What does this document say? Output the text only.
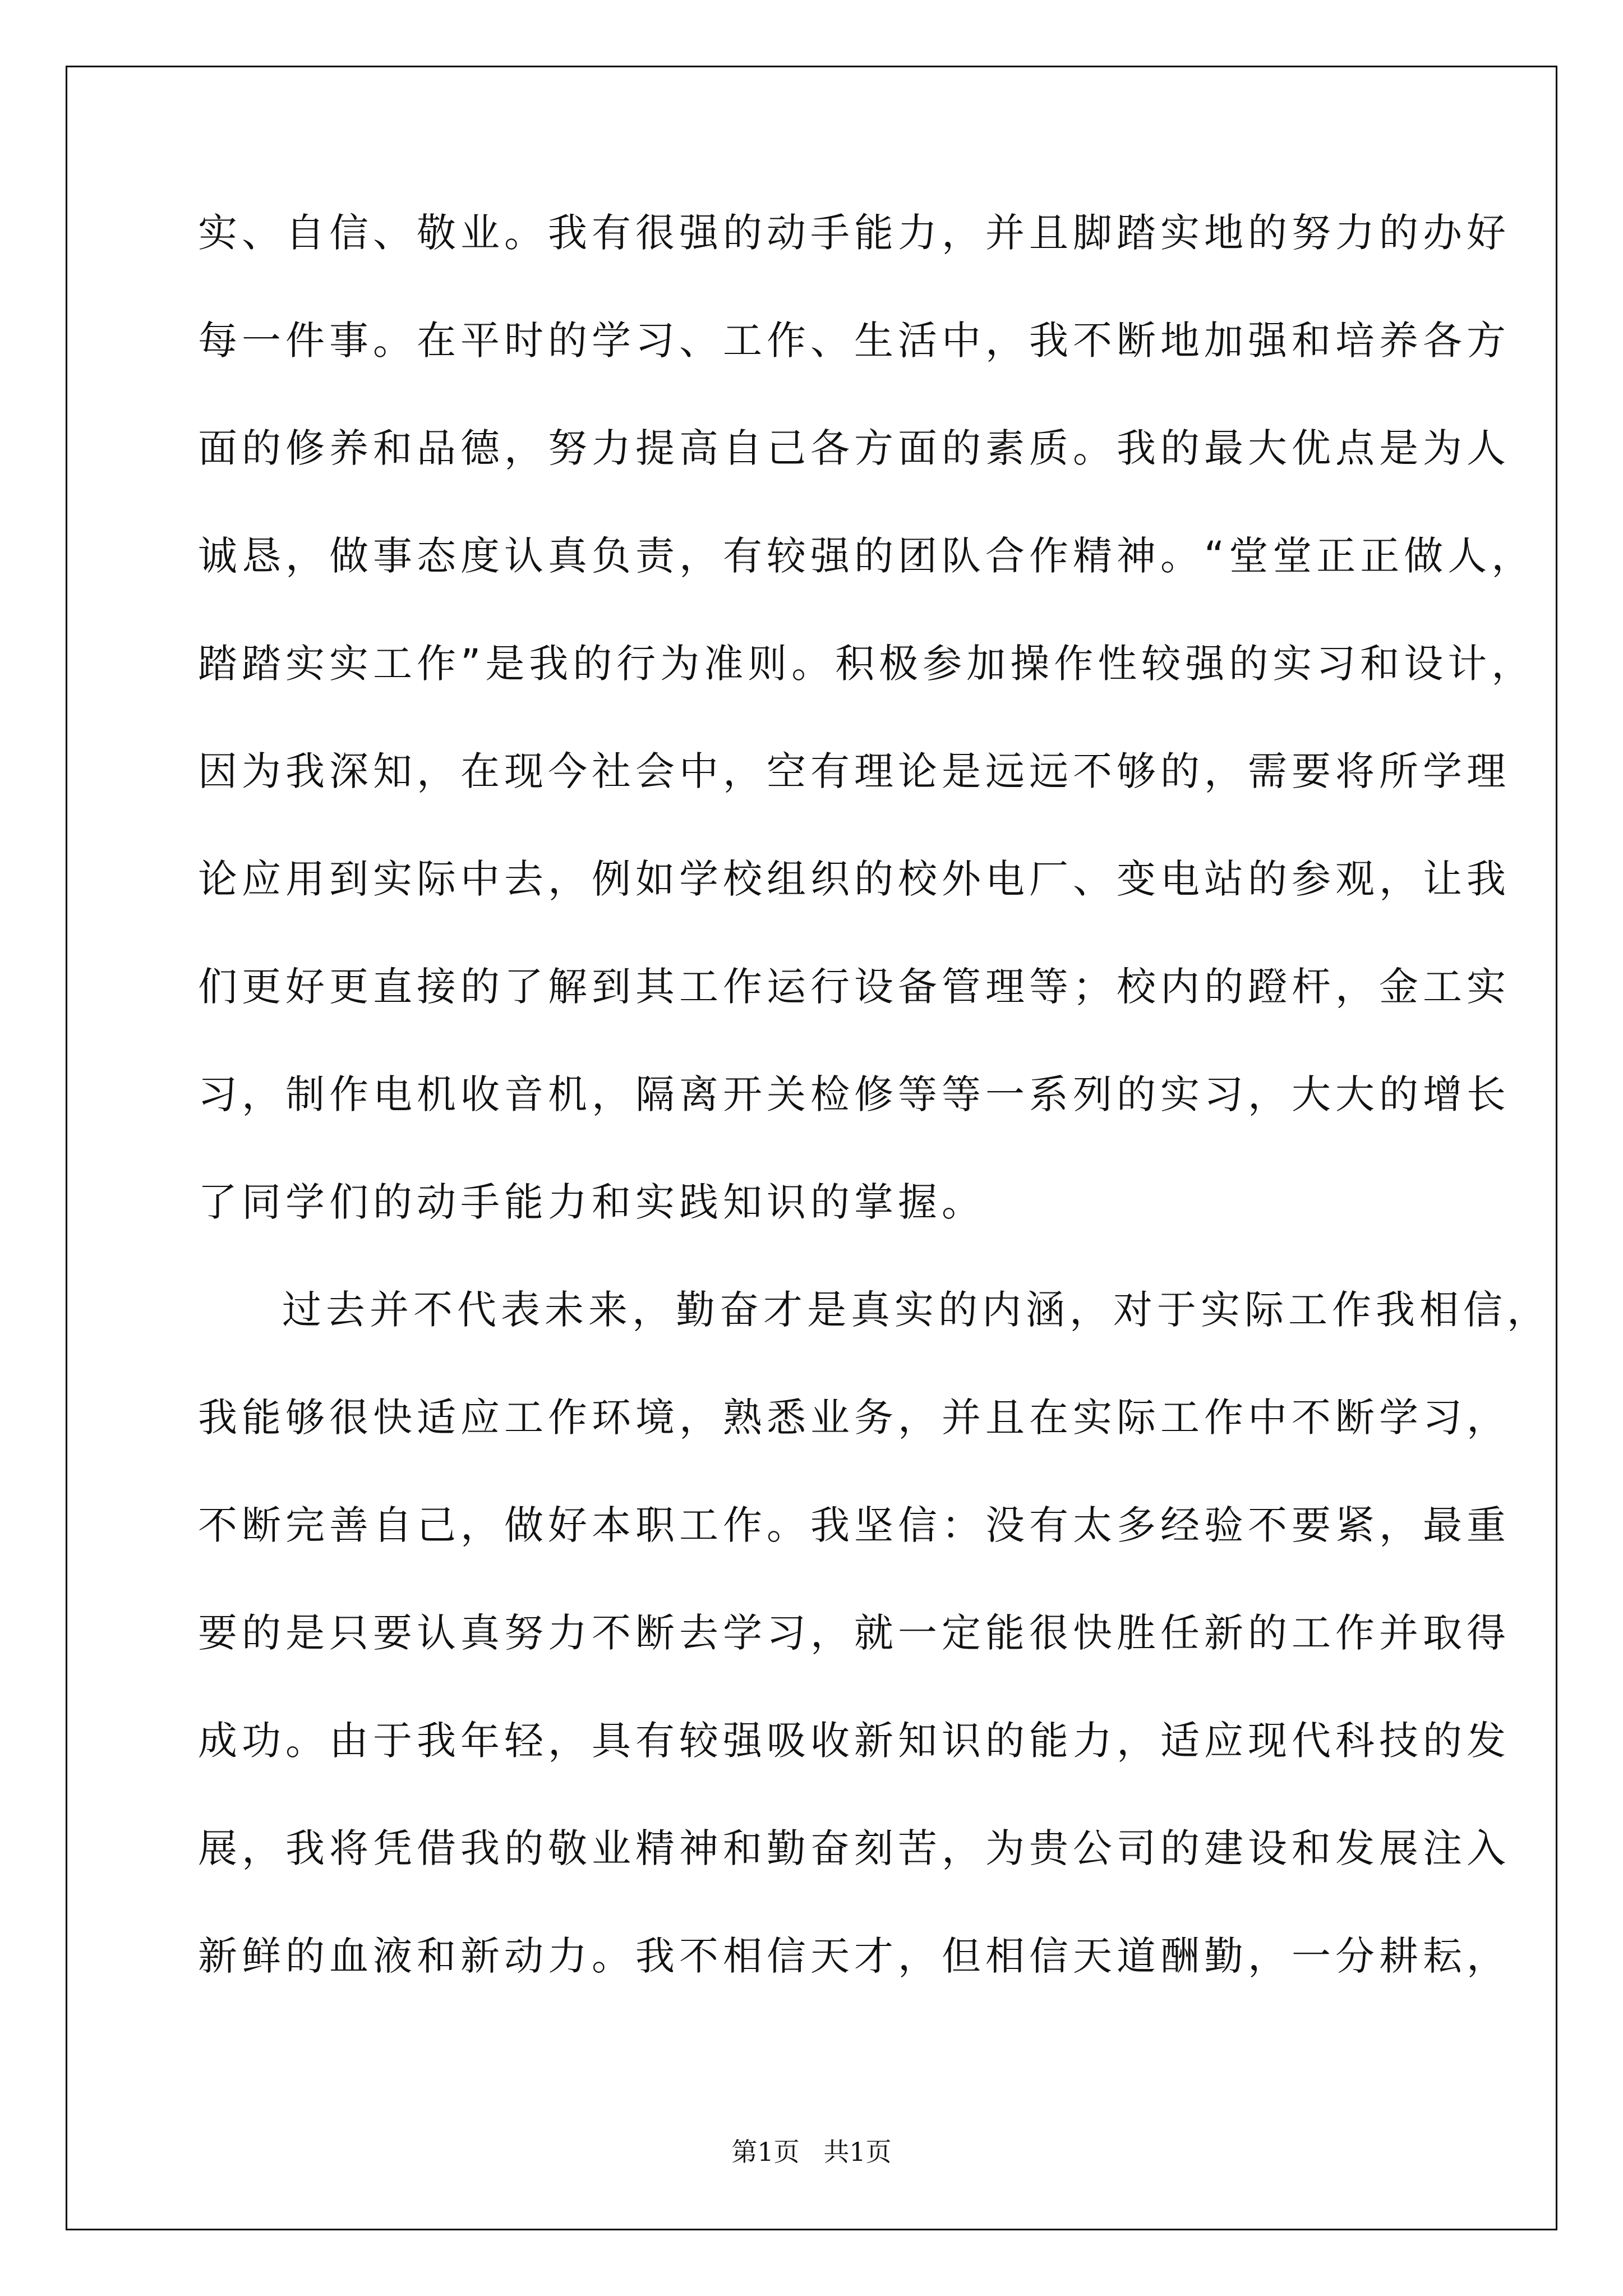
实、自信、敬业。我有很强的动手能力，并且脚踏实地的努力的办好
每一件事。在平时的学习、工作、生活中，我不断地加强和培养各方
面的修养和品德，努力提高自己各方面的素质。我的最大优点是为人
诚恳，做事态度认真负责，有较强的团队合作精神。“堂堂正正做人，
踏踏实实工作”是我的行为准则。积极参加操作性较强的实习和设计，
因为我深知，在现今社会中，空有理论是远远不够的，需要将所学理
论应用到实际中去，例如学校组织的校外电厂、变电站的参观，让我
们更好更直接的了解到其工作运行设备管理等；校内的蹬杆，金工实
习，制作电机收音机，隔离开关检修等等一系列的实习，大大的增长
了同学们的动手能力和实践知识的掌握。
过去并不代表未来，勤奋才是真实的内涵，对于实际工作我相信，
我能够很快适应工作环境，熟悉业务，并且在实际工作中不断学习，
不断完善自己，做好本职工作。我坚信：没有太多经验不要紧，最重
要的是只要认真努力不断去学习，就一定能很快胜任新的工作并取得
成功。由于我年轻，具有较强吸收新知识的能力，适应现代科技的发
展，我将凭借我的敬业精神和勤奋刻苦，为贵公司的建设和发展注入
新鲜的血液和新动力。我不相信天才，但相信天道酬勤，一分耕耘，
第1页 共1页
